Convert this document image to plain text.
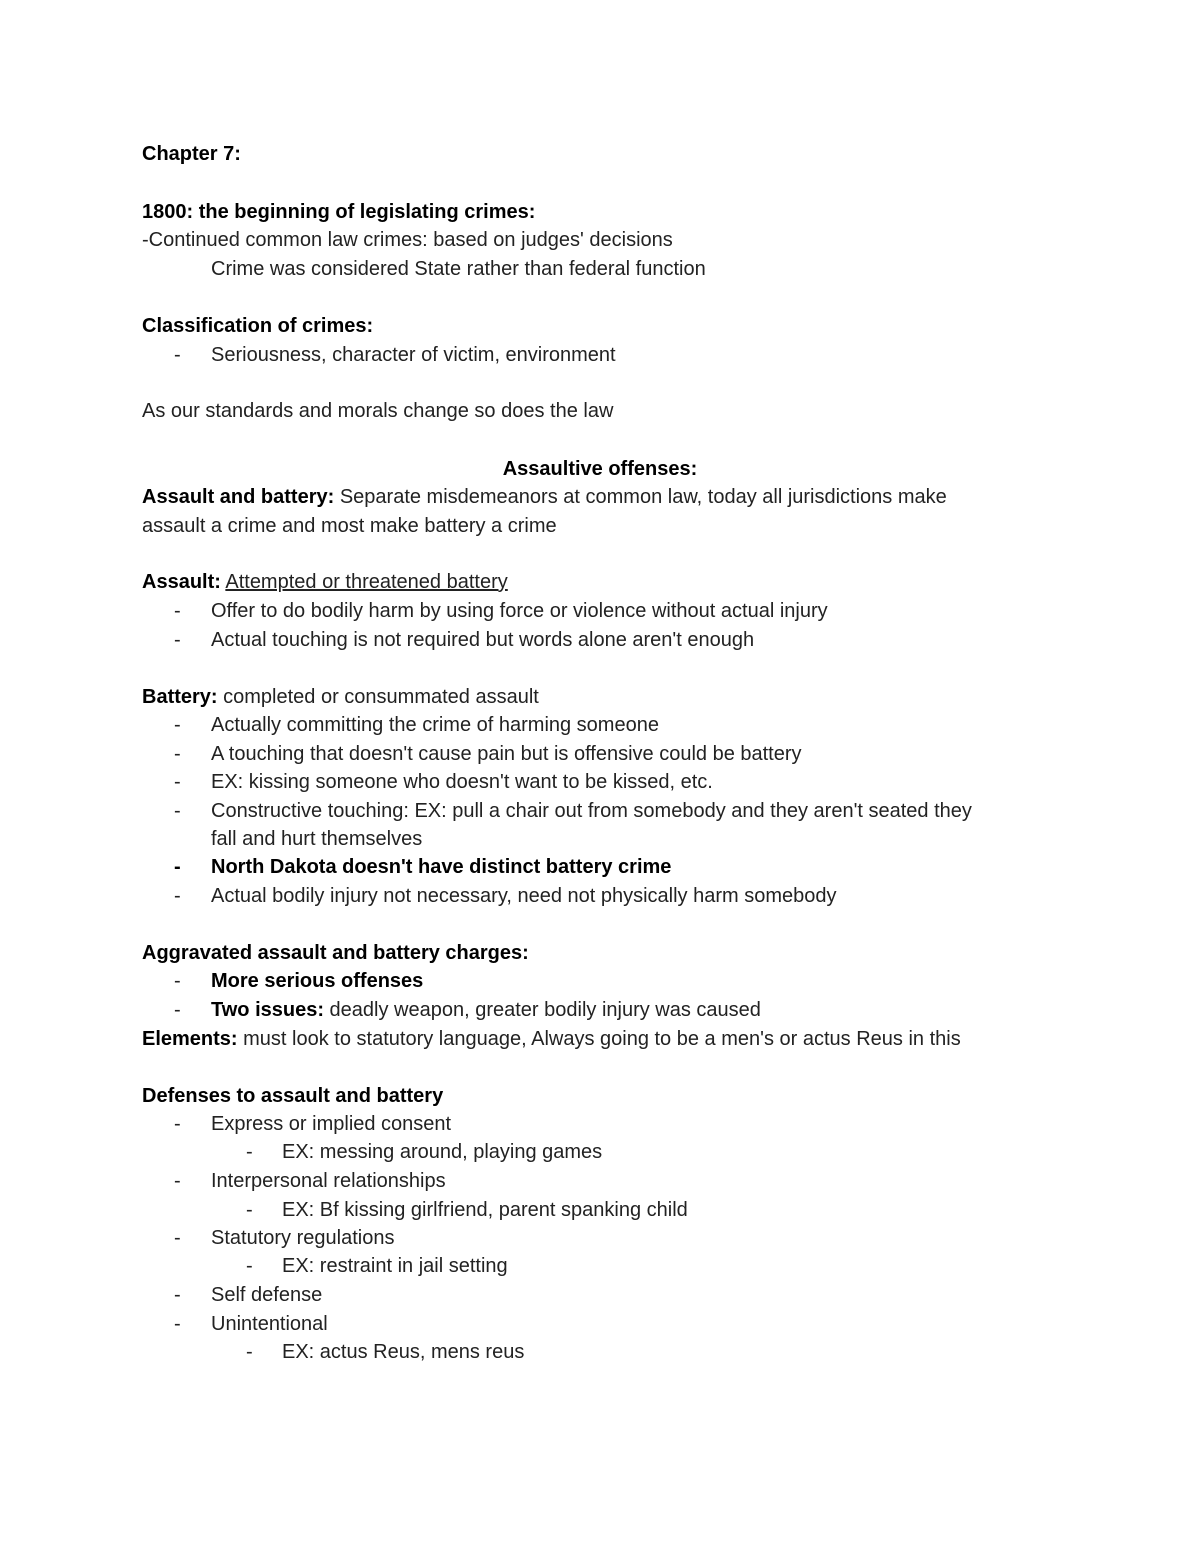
Chapter 7:

1800: the beginning of legislating crimes:

-Continued common law crimes: based on judges' decisions

Crime was considered State rather than federal function

Classification of crimes:

- Seriousness, character of victim, environment

As our standards and morals change so does the law

Assaultive offenses:

Assault and battery: Separate misdemeanors at common law, today all jurisdictions make

assault a crime and most make battery a crime

Assault: Attempted or threatened battery

- Offer to do bodily harm by using force or violence without actual injury

- Actual touching is not required but words alone aren't enough

Battery: completed or consummated assault

- Actually committing the crime of harming someone

- A touching that doesn't cause pain but is offensive could be battery

- EX: kissing someone who doesn't want to be kissed, etc.

- Constructive touching: EX: pull a chair out from somebody and they aren't seated they

fall and hurt themselves

- North Dakota doesn't have distinct battery crime

- Actual bodily injury not necessary, need not physically harm somebody

Aggravated assault and battery charges:

- More serious offenses

- Two issues: deadly weapon, greater bodily injury was caused

Elements: must look to statutory language, Always going to be a men's or actus Reus in this

Defenses to assault and battery

- Express or implied consent

- EX: messing around, playing games

- Interpersonal relationships

- EX: Bf kissing girlfriend, parent spanking child

- Statutory regulations

- EX: restraint in jail setting

- Self defense

- Unintentional

- EX: actus Reus, mens reus
